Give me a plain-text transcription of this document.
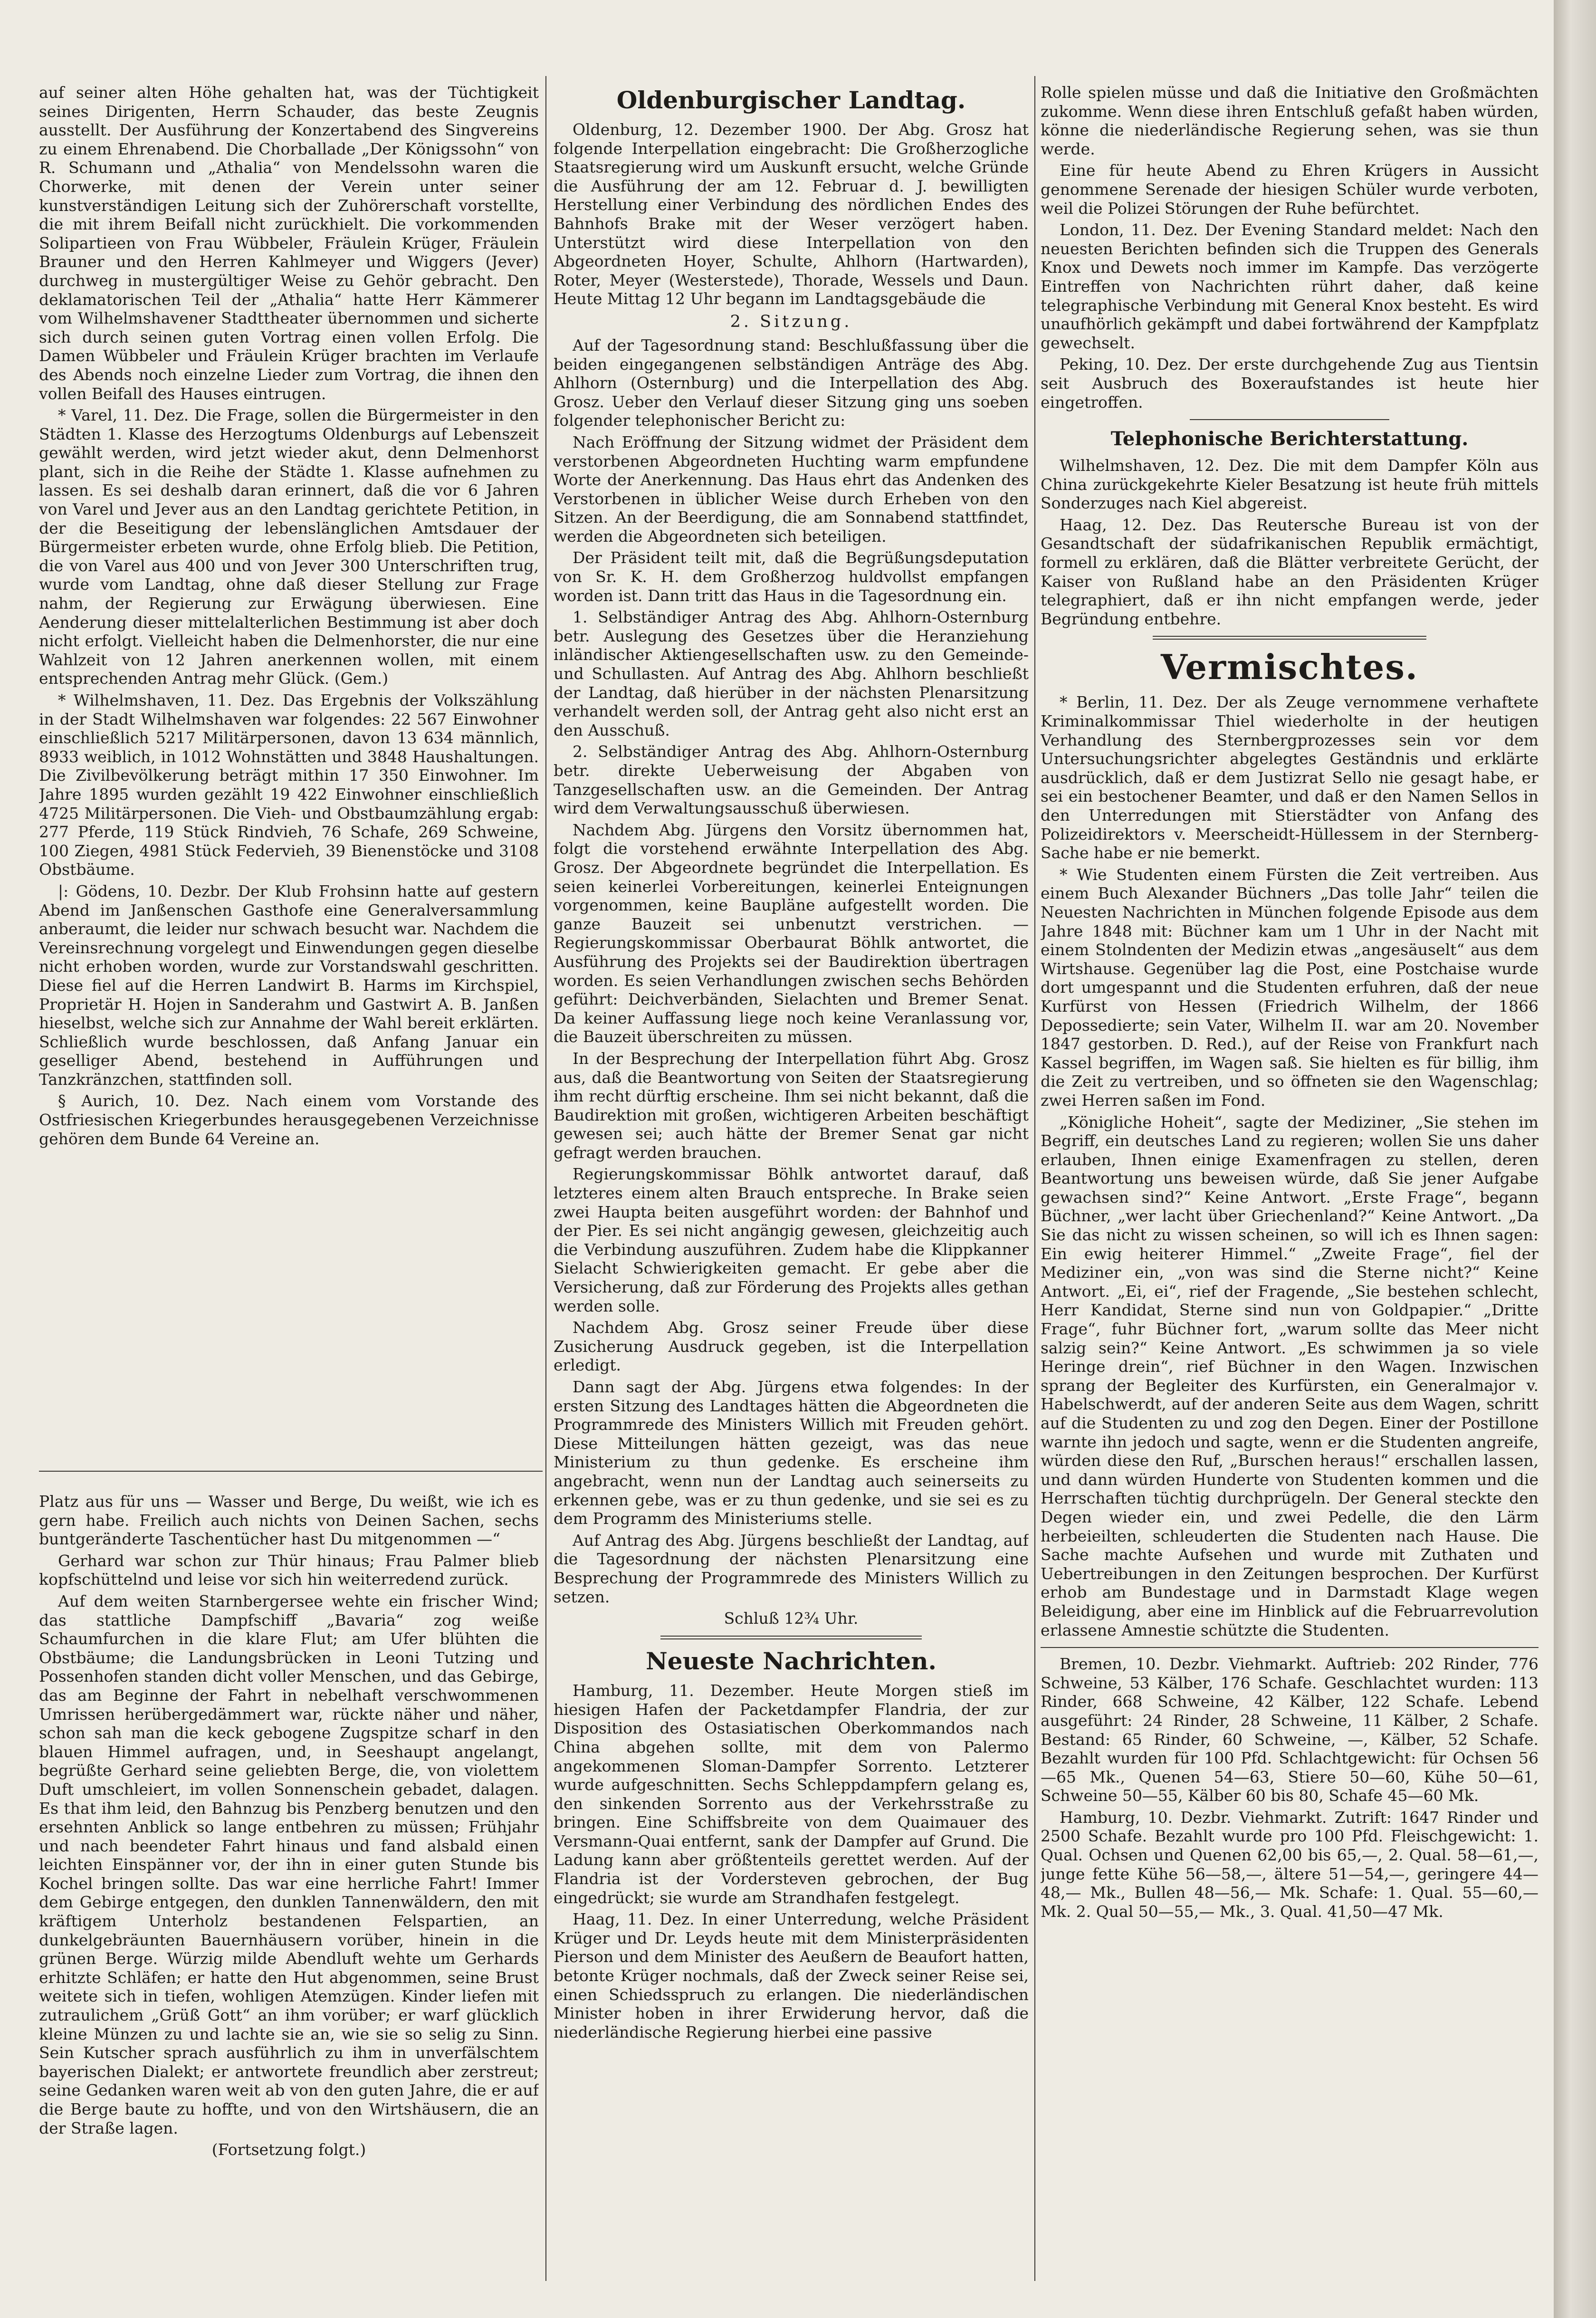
auf seiner alten Höhe gehalten hat, was der Tüchtigkeit seines Dirigenten, Herrn Schauder, das beste Zeugnis ausstellt. Der Ausführung der Konzertabend des Singvereins zu einem Ehrenabend. Die Chorballade „Der Königssohn“ von R. Schumann und „Athalia“ von Mendelssohn waren die Chorwerke, mit denen der Verein unter seiner kunstverständigen Leitung sich der Zuhörerschaft vorstellte, die mit ihrem Beifall nicht zurückhielt. Die vorkommenden Solipartieen von Frau Wübbeler, Fräulein Krüger, Fräulein Brauner und den Herren Kahlmeyer und Wiggers (Jever) durchweg in mustergültiger Weise zu Gehör gebracht. Den deklamatorischen Teil der „Athalia“ hatte Herr Kämmerer vom Wilhelmshavener Stadttheater übernommen und sicherte sich durch seinen guten Vortrag einen vollen Erfolg. Die Damen Wübbeler und Fräulein Krüger brachten im Verlaufe des Abends noch einzelne Lieder zum Vortrag, die ihnen den vollen Beifall des Hauses eintrugen.

* Varel, 11. Dez. Die Frage, sollen die Bürgermeister in den Städten 1. Klasse des Herzogtums Oldenburgs auf Lebenszeit gewählt werden, wird jetzt wieder akut, denn Delmenhorst plant, sich in die Reihe der Städte 1. Klasse aufnehmen zu lassen. Es sei deshalb daran erinnert, daß die vor 6 Jahren von Varel und Jever aus an den Landtag gerichtete Petition, in der die Beseitigung der lebenslänglichen Amtsdauer der Bürgermeister erbeten wurde, ohne Erfolg blieb. Die Petition, die von Varel aus 400 und von Jever 300 Unterschriften trug, wurde vom Landtag, ohne daß dieser Stellung zur Frage nahm, der Regierung zur Erwägung überwiesen. Eine Aenderung dieser mittelalterlichen Bestimmung ist aber doch nicht erfolgt. Vielleicht haben die Delmenhorster, die nur eine Wahlzeit von 12 Jahren anerkennen wollen, mit einem entsprechenden Antrag mehr Glück. (Gem.)

* Wilhelmshaven, 11. Dez. Das Ergebnis der Volkszählung in der Stadt Wilhelmshaven war folgendes: 22 567 Einwohner einschließlich 5217 Militärpersonen, davon 13 634 männlich, 8933 weiblich, in 1012 Wohnstätten und 3848 Haushaltungen. Die Zivilbevölkerung beträgt mithin 17 350 Einwohner. Im Jahre 1895 wurden gezählt 19 422 Einwohner einschließlich 4725 Militärpersonen. Die Vieh- und Obstbaumzählung ergab: 277 Pferde, 119 Stück Rindvieh, 76 Schafe, 269 Schweine, 100 Ziegen, 4981 Stück Federvieh, 39 Bienenstöcke und 3108 Obstbäume.

|: Gödens, 10. Dezbr. Der Klub Frohsinn hatte auf gestern Abend im Janßenschen Gasthofe eine Generalversammlung anberaumt, die leider nur schwach besucht war. Nachdem die Vereinsrechnung vorgelegt und Einwendungen gegen dieselbe nicht erhoben worden, wurde zur Vorstandswahl geschritten. Diese fiel auf die Herren Landwirt B. Harms im Kirchspiel, Proprietär H. Hojen in Sanderahm und Gastwirt A. B. Janßen hieselbst, welche sich zur Annahme der Wahl bereit erklärten. Schließlich wurde beschlossen, daß Anfang Januar ein geselliger Abend, bestehend in Aufführungen und Tanzkränzchen, stattfinden soll.

§ Aurich, 10. Dez. Nach einem vom Vorstande des Ostfriesischen Kriegerbundes herausgegebenen Verzeichnisse gehören dem Bunde 64 Vereine an.

Platz aus für uns — Wasser und Berge, Du weißt, wie ich es gern habe. Freilich auch nichts von Deinen Sachen, sechs buntgeränderte Taschentücher hast Du mitgenommen —“

Gerhard war schon zur Thür hinaus; Frau Palmer blieb kopfschüttelnd und leise vor sich hin weiterredend zurück.

Auf dem weiten Starnbergersee wehte ein frischer Wind; das stattliche Dampfschiff „Bavaria“ zog weiße Schaumfurchen in die klare Flut; am Ufer blühten die Obstbäume; die Landungsbrücken in Leoni Tutzing und Possenhofen standen dicht voller Menschen, und das Gebirge, das am Beginne der Fahrt in nebelhaft verschwommenen Umrissen herübergedämmert war, rückte näher und näher, schon sah man die keck gebogene Zugspitze scharf in den blauen Himmel aufragen, und, in Seeshaupt angelangt, begrüßte Gerhard seine geliebten Berge, die, von violettem Duft umschleiert, im vollen Sonnenschein gebadet, dalagen. Es that ihm leid, den Bahnzug bis Penzberg benutzen und den ersehnten Anblick so lange entbehren zu müssen; Frühjahr und nach beendeter Fahrt hinaus und fand alsbald einen leichten Einspänner vor, der ihn in einer guten Stunde bis Kochel bringen sollte. Das war eine herrliche Fahrt! Immer dem Gebirge entgegen, den dunklen Tannenwäldern, den mit kräftigem Unterholz bestandenen Felspartien, an dunkelgebräunten Bauernhäusern vorüber, hinein in die grünen Berge. Würzig milde Abendluft wehte um Gerhards erhitzte Schläfen; er hatte den Hut abgenommen, seine Brust weitete sich in tiefen, wohligen Atemzügen. Kinder liefen mit zutraulichem „Grüß Gott“ an ihm vorüber; er warf glücklich kleine Münzen zu und lachte sie an, wie sie so selig zu Sinn. Sein Kutscher sprach ausführlich zu ihm in unverfälschtem bayerischen Dialekt; er antwortete freundlich aber zerstreut; seine Gedanken waren weit ab von den guten Jahre, die er auf die Berge baute zu hoffte, und von den Wirtshäusern, die an der Straße lagen.

(Fortsetzung folgt.)

Oldenburgischer Landtag.

Oldenburg, 12. Dezember 1900. Der Abg. Grosz hat folgende Interpellation eingebracht: Die Großherzogliche Staatsregierung wird um Auskunft ersucht, welche Gründe die Ausführung der am 12. Februar d. J. bewilligten Herstellung einer Verbindung des nördlichen Endes des Bahnhofs Brake mit der Weser verzögert haben. Unterstützt wird diese Interpellation von den Abgeordneten Hoyer, Schulte, Ahlhorn (Hartwarden), Roter, Meyer (Westerstede), Thorade, Wessels und Daun. Heute Mittag 12 Uhr begann im Landtagsgebäude die

2. Sitzung.

Auf der Tagesordnung stand: Beschlußfassung über die beiden eingegangenen selbständigen Anträge des Abg. Ahlhorn (Osternburg) und die Interpellation des Abg. Grosz. Ueber den Verlauf dieser Sitzung ging uns soeben folgender telephonischer Bericht zu:

Nach Eröffnung der Sitzung widmet der Präsident dem verstorbenen Abgeordneten Huchting warm empfundene Worte der Anerkennung. Das Haus ehrt das Andenken des Verstorbenen in üblicher Weise durch Erheben von den Sitzen. An der Beerdigung, die am Sonnabend stattfindet, werden die Abgeordneten sich beteiligen.

Der Präsident teilt mit, daß die Begrüßungsdeputation von Sr. K. H. dem Großherzog huldvollst empfangen worden ist. Dann tritt das Haus in die Tagesordnung ein.

1. Selbständiger Antrag des Abg. Ahlhorn-Osternburg betr. Auslegung des Gesetzes über die Heranziehung inländischer Aktiengesellschaften usw. zu den Gemeinde- und Schullasten. Auf Antrag des Abg. Ahlhorn beschließt der Landtag, daß hierüber in der nächsten Plenarsitzung verhandelt werden soll, der Antrag geht also nicht erst an den Ausschuß.

2. Selbständiger Antrag des Abg. Ahlhorn-Osternburg betr. direkte Ueberweisung der Abgaben von Tanzgesellschaften usw. an die Gemeinden. Der Antrag wird dem Verwaltungsausschuß überwiesen.

Nachdem Abg. Jürgens den Vorsitz übernommen hat, folgt die vorstehend erwähnte Interpellation des Abg. Grosz. Der Abgeordnete begründet die Interpellation. Es seien keinerlei Vorbereitungen, keinerlei Enteignungen vorgenommen, keine Baupläne aufgestellt worden. Die ganze Bauzeit sei unbenutzt verstrichen. — Regierungskommissar Oberbaurat Böhlk antwortet, die Ausführung des Projekts sei der Baudirektion übertragen worden. Es seien Verhandlungen zwischen sechs Behörden geführt: Deichverbänden, Sielachten und Bremer Senat. Da keiner Auffassung liege noch keine Veranlassung vor, die Bauzeit überschreiten zu müssen.

In der Besprechung der Interpellation führt Abg. Grosz aus, daß die Beantwortung von Seiten der Staatsregierung ihm recht dürftig erscheine. Ihm sei nicht bekannt, daß die Baudirektion mit großen, wichtigeren Arbeiten beschäftigt gewesen sei; auch hätte der Bremer Senat gar nicht gefragt werden brauchen.

Regierungskommissar Böhlk antwortet darauf, daß letzteres einem alten Brauch entspreche. In Brake seien zwei Haupta beiten ausgeführt worden: der Bahnhof und der Pier. Es sei nicht angängig gewesen, gleichzeitig auch die Verbindung auszuführen. Zudem habe die Klippkanner Sielacht Schwierigkeiten gemacht. Er gebe aber die Versicherung, daß zur Förderung des Projekts alles gethan werden solle.

Nachdem Abg. Grosz seiner Freude über diese Zusicherung Ausdruck gegeben, ist die Interpellation erledigt.

Dann sagt der Abg. Jürgens etwa folgendes: In der ersten Sitzung des Landtages hätten die Abgeordneten die Programmrede des Ministers Willich mit Freuden gehört. Diese Mitteilungen hätten gezeigt, was das neue Ministerium zu thun gedenke. Es erscheine ihm angebracht, wenn nun der Landtag auch seinerseits zu erkennen gebe, was er zu thun gedenke, und sie sei es zu dem Programm des Ministeriums stelle.

Auf Antrag des Abg. Jürgens beschließt der Landtag, auf die Tagesordnung der nächsten Plenarsitzung eine Besprechung der Programmrede des Ministers Willich zu setzen.

Schluß 12¾ Uhr.

Neueste Nachrichten.

Hamburg, 11. Dezember. Heute Morgen stieß im hiesigen Hafen der Packetdampfer Flandria, der zur Disposition des Ostasiatischen Oberkommandos nach China abgehen sollte, mit dem von Palermo angekommenen Sloman-Dampfer Sorrento. Letzterer wurde aufgeschnitten. Sechs Schleppdampfern gelang es, den sinkenden Sorrento aus der Verkehrsstraße zu bringen. Eine Schiffsbreite von dem Quaimauer des Versmann-Quai entfernt, sank der Dampfer auf Grund. Die Ladung kann aber größtenteils gerettet werden. Auf der Flandria ist der Vordersteven gebrochen, der Bug eingedrückt; sie wurde am Strandhafen festgelegt.

Haag, 11. Dez. In einer Unterredung, welche Präsident Krüger und Dr. Leyds heute mit dem Ministerpräsidenten Pierson und dem Minister des Aeußern de Beaufort hatten, betonte Krüger nochmals, daß der Zweck seiner Reise sei, einen Schiedsspruch zu erlangen. Die niederländischen Minister hoben in ihrer Erwiderung hervor, daß die niederländische Regierung hierbei eine passive

Rolle spielen müsse und daß die Initiative den Großmächten zukomme. Wenn diese ihren Entschluß gefaßt haben würden, könne die niederländische Regierung sehen, was sie thun werde.

Eine für heute Abend zu Ehren Krügers in Aussicht genommene Serenade der hiesigen Schüler wurde verboten, weil die Polizei Störungen der Ruhe befürchtet.

London, 11. Dez. Der Evening Standard meldet: Nach den neuesten Berichten befinden sich die Truppen des Generals Knox und Dewets noch immer im Kampfe. Das verzögerte Eintreffen von Nachrichten rührt daher, daß keine telegraphische Verbindung mit General Knox besteht. Es wird unaufhörlich gekämpft und dabei fortwährend der Kampfplatz gewechselt.

Peking, 10. Dez. Der erste durchgehende Zug aus Tientsin seit Ausbruch des Boxeraufstandes ist heute hier eingetroffen.

Telephonische Berichterstattung.

Wilhelmshaven, 12. Dez. Die mit dem Dampfer Köln aus China zurückgekehrte Kieler Besatzung ist heute früh mittels Sonderzuges nach Kiel abgereist.

Haag, 12. Dez. Das Reutersche Bureau ist von der Gesandtschaft der südafrikanischen Republik ermächtigt, formell zu erklären, daß die Blätter verbreitete Gerücht, der Kaiser von Rußland habe an den Präsidenten Krüger telegraphiert, daß er ihn nicht empfangen werde, jeder Begründung entbehre.

Vermischtes.

* Berlin, 11. Dez. Der als Zeuge vernommene verhaftete Kriminalkommissar Thiel wiederholte in der heutigen Verhandlung des Sternbergprozesses sein vor dem Untersuchungsrichter abgelegtes Geständnis und erklärte ausdrücklich, daß er dem Justizrat Sello nie gesagt habe, er sei ein bestochener Beamter, und daß er den Namen Sellos in den Unterredungen mit Stierstädter von Anfang des Polizeidirektors v. Meerscheidt-Hüllessem in der Sternberg-Sache habe er nie bemerkt.

* Wie Studenten einem Fürsten die Zeit vertreiben. Aus einem Buch Alexander Büchners „Das tolle Jahr“ teilen die Neuesten Nachrichten in München folgende Episode aus dem Jahre 1848 mit: Büchner kam um 1 Uhr in der Nacht mit einem Stolndenten der Medizin etwas „angesäuselt“ aus dem Wirtshause. Gegenüber lag die Post, eine Postchaise wurde dort umgespannt und die Studenten erfuhren, daß der neue Kurfürst von Hessen (Friedrich Wilhelm, der 1866 Depossedierte; sein Vater, Wilhelm II. war am 20. November 1847 gestorben. D. Red.), auf der Reise von Frankfurt nach Kassel begriffen, im Wagen saß. Sie hielten es für billig, ihm die Zeit zu vertreiben, und so öffneten sie den Wagenschlag; zwei Herren saßen im Fond.

„Königliche Hoheit“, sagte der Mediziner, „Sie stehen im Begriff, ein deutsches Land zu regieren; wollen Sie uns daher erlauben, Ihnen einige Examenfragen zu stellen, deren Beantwortung uns beweisen würde, daß Sie jener Aufgabe gewachsen sind?“ Keine Antwort. „Erste Frage“, begann Büchner, „wer lacht über Griechenland?“ Keine Antwort. „Da Sie das nicht zu wissen scheinen, so will ich es Ihnen sagen: Ein ewig heiterer Himmel.“ „Zweite Frage“, fiel der Mediziner ein, „von was sind die Sterne nicht?“ Keine Antwort. „Ei, ei“, rief der Fragende, „Sie bestehen schlecht, Herr Kandidat, Sterne sind nun von Goldpapier.“ „Dritte Frage“, fuhr Büchner fort, „warum sollte das Meer nicht salzig sein?“ Keine Antwort. „Es schwimmen ja so viele Heringe drein“, rief Büchner in den Wagen. Inzwischen sprang der Begleiter des Kurfürsten, ein Generalmajor v. Habelschwerdt, auf der anderen Seite aus dem Wagen, schritt auf die Studenten zu und zog den Degen. Einer der Postillone warnte ihn jedoch und sagte, wenn er die Studenten angreife, würden diese den Ruf, „Burschen heraus!“ erschallen lassen, und dann würden Hunderte von Studenten kommen und die Herrschaften tüchtig durchprügeln. Der General steckte den Degen wieder ein, und zwei Pedelle, die den Lärm herbeieilten, schleuderten die Studenten nach Hause. Die Sache machte Aufsehen und wurde mit Zuthaten und Uebertreibungen in den Zeitungen besprochen. Der Kurfürst erhob am Bundestage und in Darmstadt Klage wegen Beleidigung, aber eine im Hinblick auf die Februarrevolution erlassene Amnestie schützte die Studenten.

Bremen, 10. Dezbr. Viehmarkt. Auftrieb: 202 Rinder, 776 Schweine, 53 Kälber, 176 Schafe. Geschlachtet wurden: 113 Rinder, 668 Schweine, 42 Kälber, 122 Schafe. Lebend ausgeführt: 24 Rinder, 28 Schweine, 11 Kälber, 2 Schafe. Bestand: 65 Rinder, 60 Schweine, —, Kälber, 52 Schafe. Bezahlt wurden für 100 Pfd. Schlachtgewicht: für Ochsen 56—65 Mk., Quenen 54—63, Stiere 50—60, Kühe 50—61, Schweine 50—55, Kälber 60 bis 80, Schafe 45—60 Mk.

Hamburg, 10. Dezbr. Viehmarkt. Zutrift: 1647 Rinder und 2500 Schafe. Bezahlt wurde pro 100 Pfd. Fleischgewicht: 1. Qual. Ochsen und Quenen 62,00 bis 65,—, 2. Qual. 58—61,—, junge fette Kühe 56—58,—, ältere 51—54,—, geringere 44—48,— Mk., Bullen 48—56,— Mk. Schafe: 1. Qual. 55—60,— Mk. 2. Qual 50—55,— Mk., 3. Qual. 41,50—47 Mk.
